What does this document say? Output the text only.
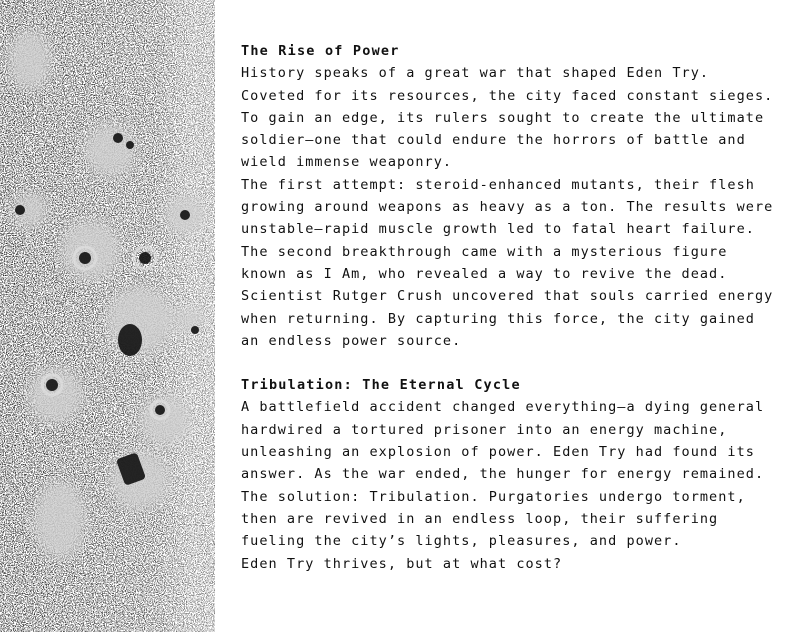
The Rise of Power

History speaks of a great war that shaped Eden Try. Coveted for its resources, the city faced constant sieges. To gain an edge, its rulers sought to create the ultimate soldier—one that could endure the horrors of battle and wield immense weaponry.

The first attempt: steroid-enhanced mutants, their flesh growing around weapons as heavy as a ton. The results were unstable—rapid muscle growth led to fatal heart failure.

The second breakthrough came with a mysterious figure known as I Am, who revealed a way to revive the dead. Scientist Rutger Crush uncovered that souls carried energy when returning. By capturing this force, the city gained an endless power source.

Tribulation: The Eternal Cycle

A battlefield accident changed everything—a dying general hardwired a tortured prisoner into an energy machine, unleashing an explosion of power. Eden Try had found its answer. As the war ended, the hunger for energy remained.

The solution: Tribulation. Purgatories undergo torment, then are revived in an endless loop, their suffering fueling the city’s lights, pleasures, and power.

Eden Try thrives, but at what cost?
